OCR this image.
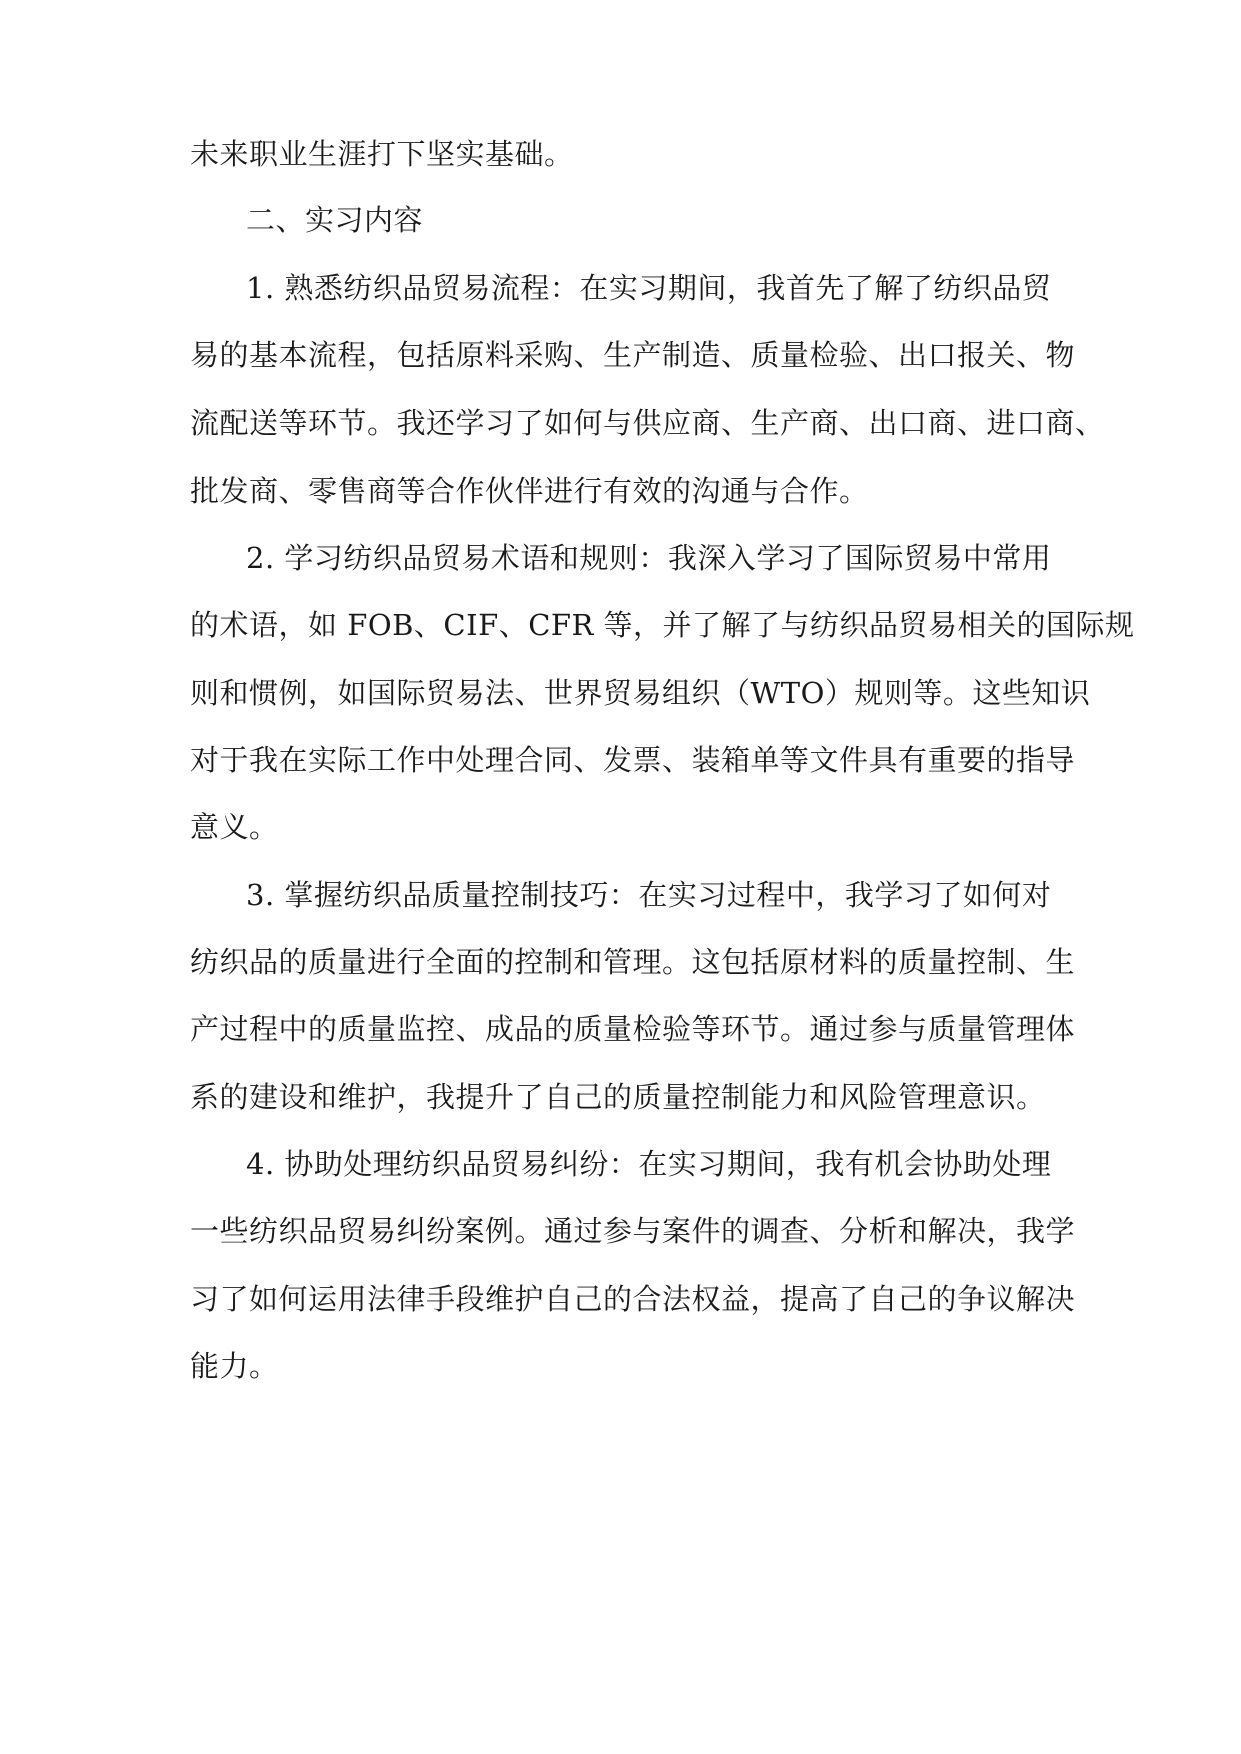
未来职业生涯打下坚实基础。
二、实习内容
1. 熟悉纺织品贸易流程：在实习期间，我首先了解了纺织品贸
易的基本流程，包括原料采购、生产制造、质量检验、出口报关、物
流配送等环节。我还学习了如何与供应商、生产商、出口商、进口商、
批发商、零售商等合作伙伴进行有效的沟通与合作。
2. 学习纺织品贸易术语和规则：我深入学习了国际贸易中常用
的术语，如 FOB、CIF、CFR 等，并了解了与纺织品贸易相关的国际规
则和惯例，如国际贸易法、世界贸易组织（WTO）规则等。这些知识
对于我在实际工作中处理合同、发票、装箱单等文件具有重要的指导
意义。
3. 掌握纺织品质量控制技巧：在实习过程中，我学习了如何对
纺织品的质量进行全面的控制和管理。这包括原材料的质量控制、生
产过程中的质量监控、成品的质量检验等环节。通过参与质量管理体
系的建设和维护，我提升了自己的质量控制能力和风险管理意识。
4. 协助处理纺织品贸易纠纷：在实习期间，我有机会协助处理
一些纺织品贸易纠纷案例。通过参与案件的调查、分析和解决，我学
习了如何运用法律手段维护自己的合法权益，提高了自己的争议解决
能力。
